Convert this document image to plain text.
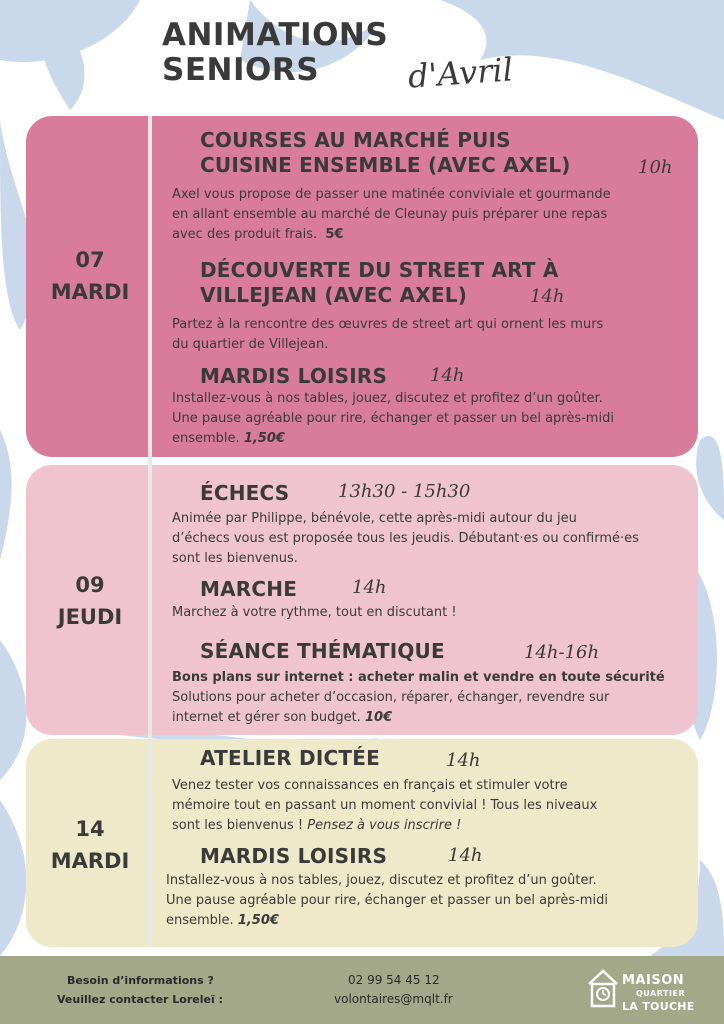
ANIMATIONS
SENIORS	d'Avril
07
MARDI
COURSES AU MARCHÉ PUIS
CUISINE ENSEMBLE (AVEC AXEL)	10h
Axel vous propose de passer une matinée conviviale et gourmande
en allant ensemble au marché de Cleunay puis préparer une repas
avec des produit frais. 5€
DÉCOUVERTE DU STREET ART À
VILLEJEAN (AVEC AXEL)	14h
Partez à la rencontre des œuvres de street art qui ornent les murs
du quartier de Villejean.
MARDIS LOISIRS 14h
Installez-vous à nos tables, jouez, discutez et profitez d’un goûter.
Une pause agréable pour rire, échanger et passer un bel après-midi
ensemble. 1,50€
09
JEUDI
ÉCHECS	13h30 - 15h30
Animée par Philippe, bénévole, cette après-midi autour du jeu
d’échecs vous est proposée tous les jeudis. Débutant·es ou confirmé·es
sont les bienvenus.
MARCHE	14h
Marchez à votre rythme, tout en discutant !
SÉANCE THÉMATIQUE	14h-16h
Bons plans sur internet : acheter malin et vendre en toute sécurité
Solutions pour acheter d’occasion, réparer, échanger, revendre sur
internet et gérer son budget. 10€
14
MARDI
ATELIER DICTÉE	14h
Venez tester vos connaissances en français et stimuler votre
mémoire tout en passant un moment convivial ! Tous les niveaux
sont les bienvenus ! Pensez à vous inscrire !
MARDIS LOISIRS	14h
Installez-vous à nos tables, jouez, discutez et profitez d’un goûter.
Une pause agréable pour rire, échanger et passer un bel après-midi
ensemble. 1,50€
Besoin d’informations ?
Veuillez contacter Loreleï :
02 99 54 45 12
volontaires@mqlt.fr
MAISON
QUARTIER
LA TOUCHE
